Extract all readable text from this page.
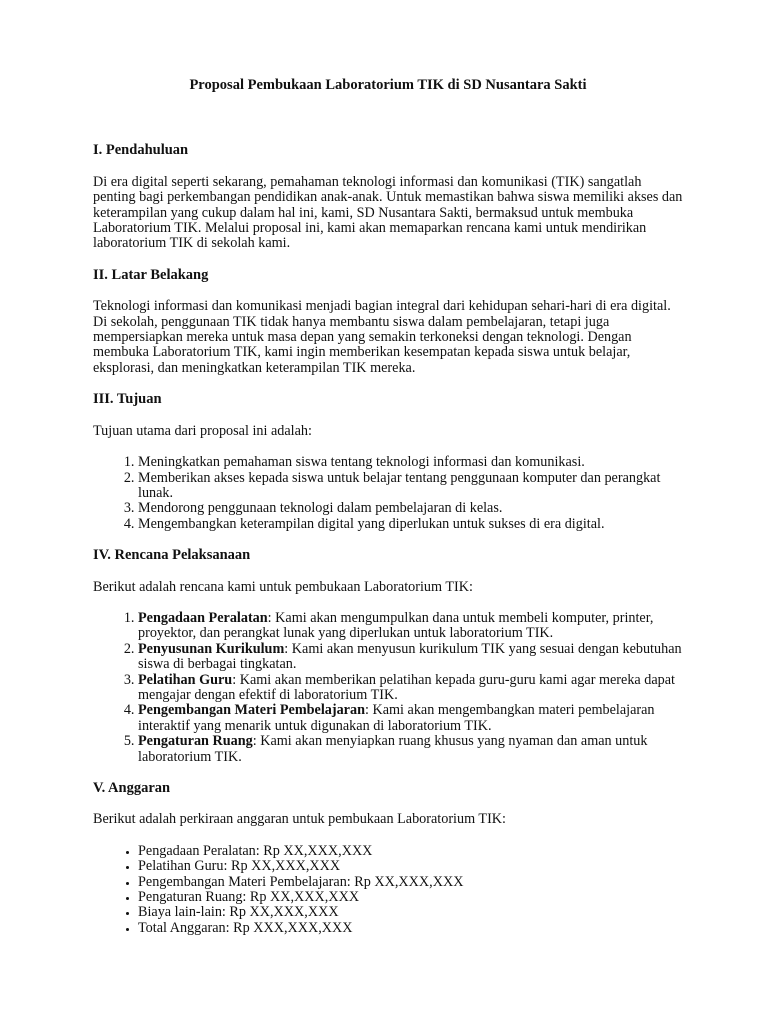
Proposal Pembukaan Laboratorium TIK di SD Nusantara Sakti

I. Pendahuluan

Di era digital seperti sekarang, pemahaman teknologi informasi dan komunikasi (TIK) sangatlah penting bagi perkembangan pendidikan anak-anak. Untuk memastikan bahwa siswa memiliki akses dan keterampilan yang cukup dalam hal ini, kami, SD Nusantara Sakti, bermaksud untuk membuka Laboratorium TIK. Melalui proposal ini, kami akan memaparkan rencana kami untuk mendirikan laboratorium TIK di sekolah kami.

II. Latar Belakang

Teknologi informasi dan komunikasi menjadi bagian integral dari kehidupan sehari-hari di era digital. Di sekolah, penggunaan TIK tidak hanya membantu siswa dalam pembelajaran, tetapi juga mempersiapkan mereka untuk masa depan yang semakin terkoneksi dengan teknologi. Dengan membuka Laboratorium TIK, kami ingin memberikan kesempatan kepada siswa untuk belajar, eksplorasi, dan meningkatkan keterampilan TIK mereka.

III. Tujuan

Tujuan utama dari proposal ini adalah:

1. Meningkatkan pemahaman siswa tentang teknologi informasi dan komunikasi.
2. Memberikan akses kepada siswa untuk belajar tentang penggunaan komputer dan perangkat lunak.
3. Mendorong penggunaan teknologi dalam pembelajaran di kelas.
4. Mengembangkan keterampilan digital yang diperlukan untuk sukses di era digital.
IV. Rencana Pelaksanaan

Berikut adalah rencana kami untuk pembukaan Laboratorium TIK:

1. Pengadaan Peralatan: Kami akan mengumpulkan dana untuk membeli komputer, printer, proyektor, dan perangkat lunak yang diperlukan untuk laboratorium TIK.
2. Penyusunan Kurikulum: Kami akan menyusun kurikulum TIK yang sesuai dengan kebutuhan siswa di berbagai tingkatan.
3. Pelatihan Guru: Kami akan memberikan pelatihan kepada guru-guru kami agar mereka dapat mengajar dengan efektif di laboratorium TIK.
4. Pengembangan Materi Pembelajaran: Kami akan mengembangkan materi pembelajaran interaktif yang menarik untuk digunakan di laboratorium TIK.
5. Pengaturan Ruang: Kami akan menyiapkan ruang khusus yang nyaman dan aman untuk laboratorium TIK.
V. Anggaran

Berikut adalah perkiraan anggaran untuk pembukaan Laboratorium TIK:

• Pengadaan Peralatan: Rp XX,XXX,XXX
• Pelatihan Guru: Rp XX,XXX,XXX
• Pengembangan Materi Pembelajaran: Rp XX,XXX,XXX
• Pengaturan Ruang: Rp XX,XXX,XXX
• Biaya lain-lain: Rp XX,XXX,XXX
• Total Anggaran: Rp XXX,XXX,XXX
